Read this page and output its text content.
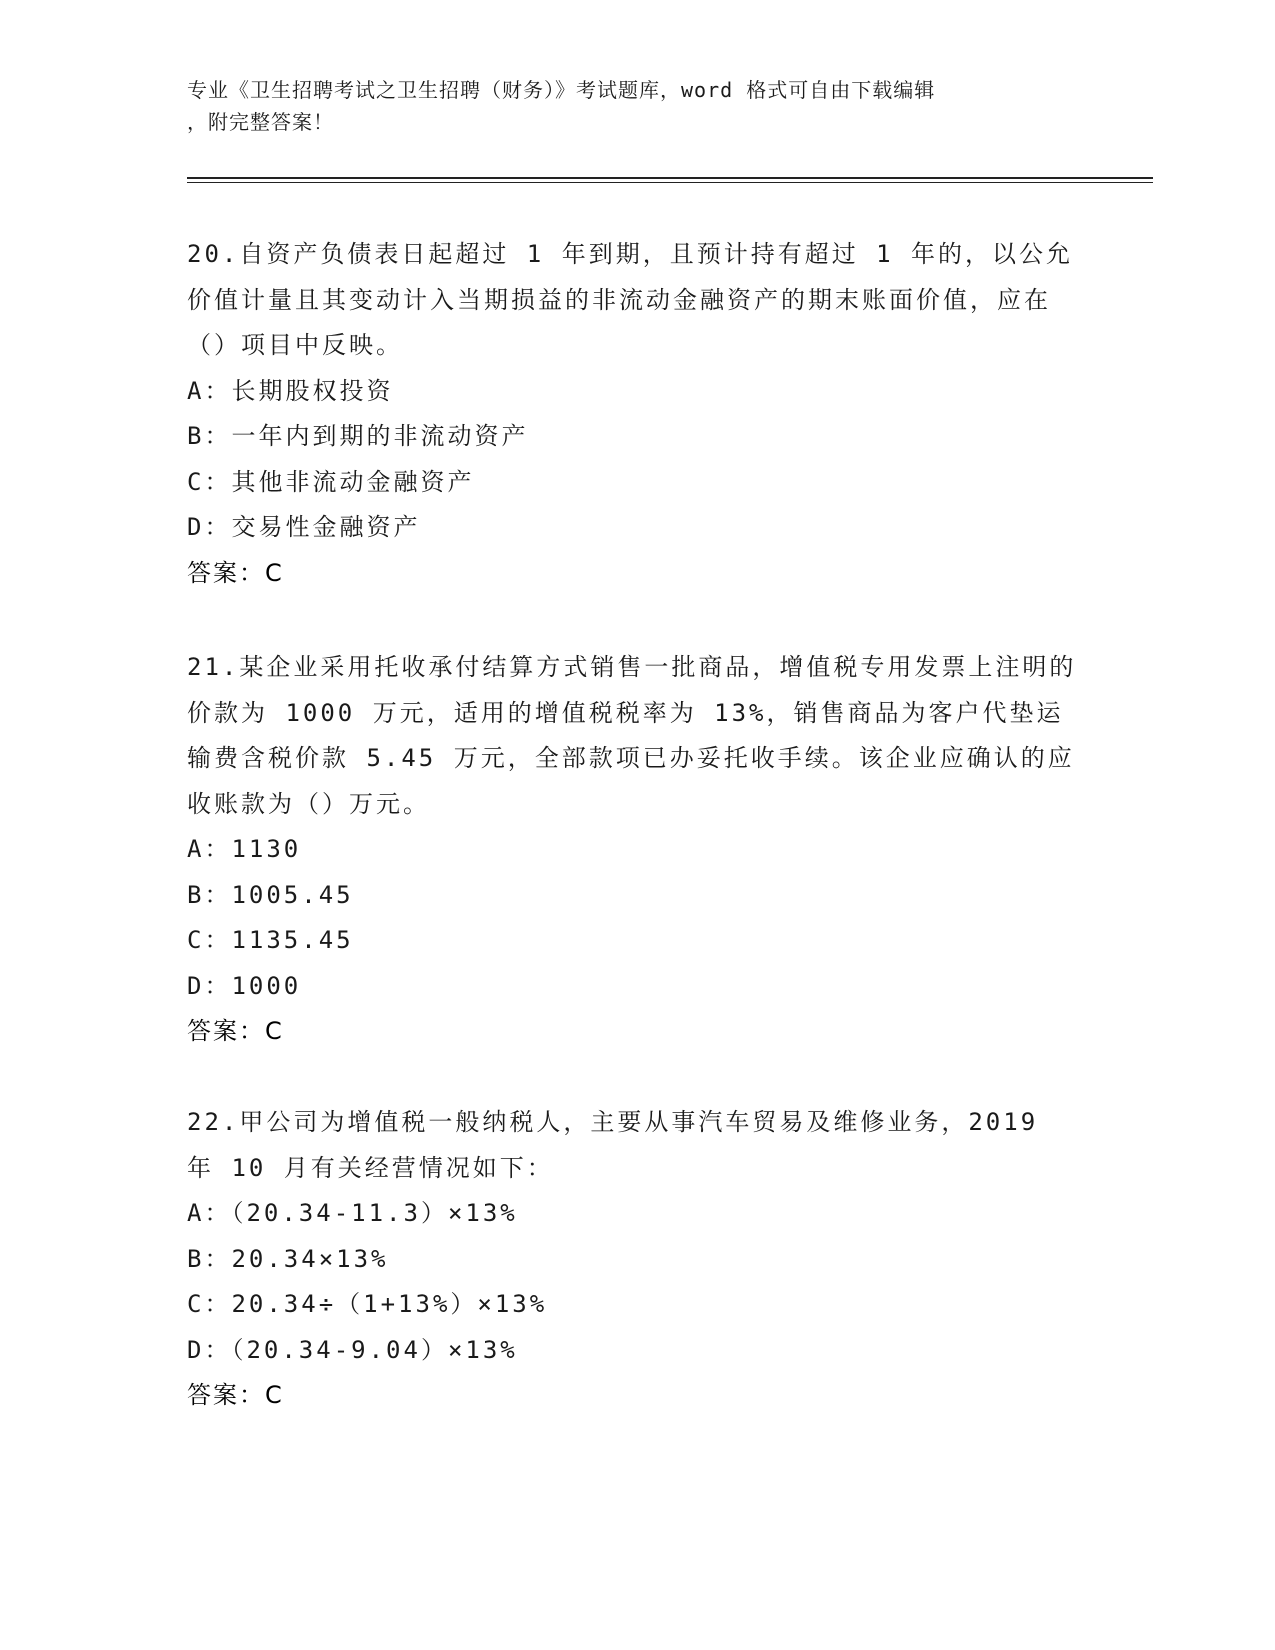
专业《卫生招聘考试之卫生招聘（财务）》考试题库，word 格式可自由下载编辑
，附完整答案！
20.自资产负债表日起超过 1 年到期，且预计持有超过 1 年的，以公允价值计量且其变动计入当期损益的非流动金融资产的期末账面价值，应在（）项目中反映。
A：长期股权投资
B：一年内到期的非流动资产
C：其他非流动金融资产
D：交易性金融资产
答案：C
21.某企业采用托收承付结算方式销售一批商品，增值税专用发票上注明的价款为 1000 万元，适用的增值税税率为 13%，销售商品为客户代垫运输费含税价款 5.45 万元，全部款项已办妥托收手续。该企业应确认的应收账款为（）万元。
A：1130
B：1005.45
C：1135.45
D：1000
答案：C
22.甲公司为增值税一般纳税人，主要从事汽车贸易及维修业务，2019 年 10 月有关经营情况如下：
A：（20.34-11.3）×13%
B：20.34×13%
C：20.34÷（1+13%）×13%
D：（20.34-9.04）×13%
答案：C
